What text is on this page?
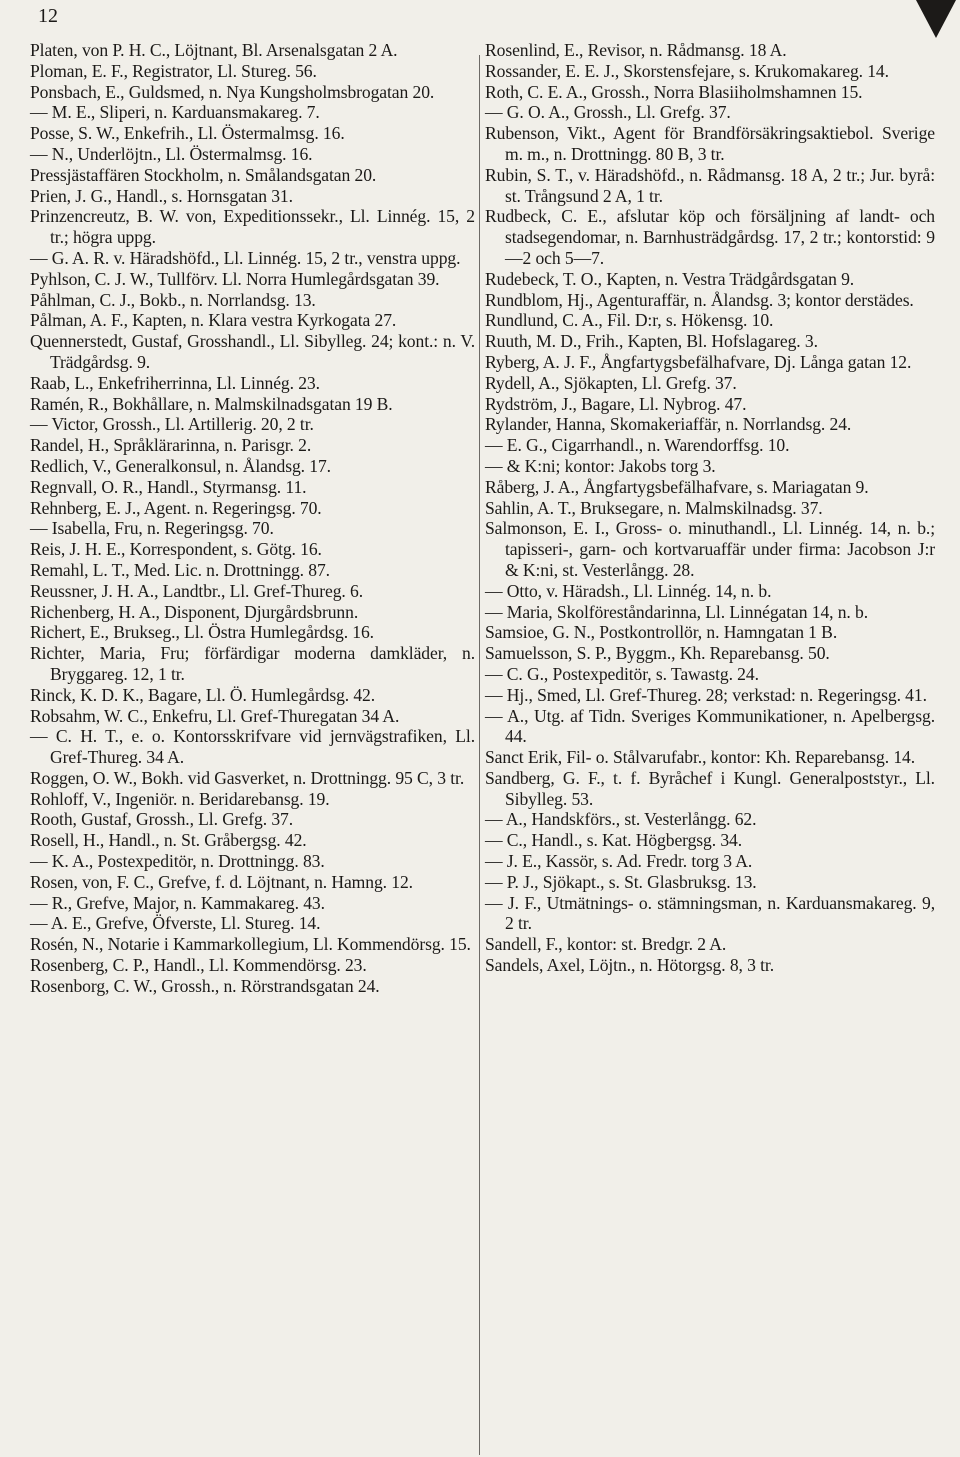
12

Platen, von P. H. C., Löjtnant, Bl. Arsenalsgatan 2 A.

Ploman, E. F., Registrator, Ll. Stureg. 56.

Ponsbach, E., Guldsmed, n. Nya Kungsholmsbrogatan 20.

— M. E., Sliperi, n. Karduansmakareg. 7.

Posse, S. W., Enkefrih., Ll. Östermalmsg. 16.

— N., Underlöjtn., Ll. Östermalmsg. 16.

Pressjästaffären Stockholm, n. Smålandsgatan 20.

Prien, J. G., Handl., s. Hornsgatan 31.

Prinzencreutz, B. W. von, Expeditionssekr., Ll. Linnég. 15, 2 tr.; högra uppg.

— G. A. R. v. Häradshöfd., Ll. Linnég. 15, 2 tr., venstra uppg.

Pyhlson, C. J. W., Tullförv. Ll. Norra Humlegårdsgatan 39.

Påhlman, C. J., Bokb., n. Norrlandsg. 13.

Pålman, A. F., Kapten, n. Klara vestra Kyrkogata 27.

Quennerstedt, Gustaf, Grosshandl., Ll. Sibylleg. 24; kont.: n. V. Trädgårdsg. 9.

Raab, L., Enkefriherrinna, Ll. Linnég. 23.

Ramén, R., Bokhållare, n. Malmskilnadsgatan 19 B.

— Victor, Grossh., Ll. Artillerig. 20, 2 tr.

Randel, H., Språklärarinna, n. Parisgr. 2.

Redlich, V., Generalkonsul, n. Ålandsg. 17.

Regnvall, O. R., Handl., Styrmansg. 11.

Rehnberg, E. J., Agent. n. Regeringsg. 70.

— Isabella, Fru, n. Regeringsg. 70.

Reis, J. H. E., Korrespondent, s. Götg. 16.

Remahl, L. T., Med. Lic. n. Drottningg. 87.

Reussner, J. H. A., Landtbr., Ll. Gref-Thureg. 6.

Richenberg, H. A., Disponent, Djurgårdsbrunn.

Richert, E., Brukseg., Ll. Östra Humlegårdsg. 16.

Richter, Maria, Fru; förfärdigar moderna damkläder, n. Bryggareg. 12, 1 tr.

Rinck, K. D. K., Bagare, Ll. Ö. Humlegårdsg. 42.

Robsahm, W. C., Enkefru, Ll. Gref-Thuregatan 34 A.

— C. H. T., e. o. Kontorsskrifvare vid jernvägstrafiken, Ll. Gref-Thureg. 34 A.

Roggen, O. W., Bokh. vid Gasverket, n. Drottningg. 95 C, 3 tr.

Rohloff, V., Ingeniör. n. Beridarebansg. 19.

Rooth, Gustaf, Grossh., Ll. Grefg. 37.

Rosell, H., Handl., n. St. Gråbergsg. 42.

— K. A., Postexpeditör, n. Drottningg. 83.

Rosen, von, F. C., Grefve, f. d. Löjtnant, n. Hamng. 12.

— R., Grefve, Major, n. Kammakareg. 43.

— A. E., Grefve, Öfverste, Ll. Stureg. 14.

Rosén, N., Notarie i Kammarkollegium, Ll. Kommendörsg. 15.

Rosenberg, C. P., Handl., Ll. Kommendörsg. 23.

Rosenborg, C. W., Grossh., n. Rörstrandsgatan 24.

Rosenlind, E., Revisor, n. Rådmansg. 18 A.

Rossander, E. E. J., Skorstensfejare, s. Krukomakareg. 14.

Roth, C. E. A., Grossh., Norra Blasiiholmshamnen 15.

— G. O. A., Grossh., Ll. Grefg. 37.

Rubenson, Vikt., Agent för Brandförsäkringsaktiebol. Sverige m. m., n. Drottningg. 80 B, 3 tr.

Rubin, S. T., v. Häradshöfd., n. Rådmansg. 18 A, 2 tr.; Jur. byrå: st. Trångsund 2 A, 1 tr.

Rudbeck, C. E., afslutar köp och försäljning af landt- och stadsegendomar, n. Barnhusträdgårdsg. 17, 2 tr.; kontorstid: 9—2 och 5—7.

Rudebeck, T. O., Kapten, n. Vestra Trädgårdsgatan 9.

Rundblom, Hj., Agenturaffär, n. Ålandsg. 3; kontor derstädes.

Rundlund, C. A., Fil. D:r, s. Hökensg. 10.

Ruuth, M. D., Frih., Kapten, Bl. Hofslagareg. 3.

Ryberg, A. J. F., Ångfartygsbefälhafvare, Dj. Långa gatan 12.

Rydell, A., Sjökapten, Ll. Grefg. 37.

Rydström, J., Bagare, Ll. Nybrog. 47.

Rylander, Hanna, Skomakeriaffär, n. Norrlandsg. 24.

— E. G., Cigarrhandl., n. Warendorffsg. 10.

— & K:ni; kontor: Jakobs torg 3.

Råberg, J. A., Ångfartygsbefälhafvare, s. Mariagatan 9.

Sahlin, A. T., Bruksegare, n. Malmskilnadsg. 37.

Salmonson, E. I., Gross- o. minuthandl., Ll. Linnég. 14, n. b.; tapisseri-, garn- och kortvaruaffär under firma: Jacobson J:r & K:ni, st. Vesterlångg. 28.

— Otto, v. Häradsh., Ll. Linnég. 14, n. b.

— Maria, Skolföreståndarinna, Ll. Linnégatan 14, n. b.

Samsioe, G. N., Postkontrollör, n. Hamngatan 1 B.

Samuelsson, S. P., Byggm., Kh. Reparebansg. 50.

— C. G., Postexpeditör, s. Tawastg. 24.

— Hj., Smed, Ll. Gref-Thureg. 28; verkstad: n. Regeringsg. 41.

— A., Utg. af Tidn. Sveriges Kommunikationer, n. Apelbergsg. 44.

Sanct Erik, Fil- o. Stålvarufabr., kontor: Kh. Reparebansg. 14.

Sandberg, G. F., t. f. Byråchef i Kungl. Generalpoststyr., Ll. Sibylleg. 53.

— A., Handskförs., st. Vesterlångg. 62.

— C., Handl., s. Kat. Högbergsg. 34.

— J. E., Kassör, s. Ad. Fredr. torg 3 A.

— P. J., Sjökapt., s. St. Glasbruksg. 13.

— J. F., Utmätnings- o. stämningsman, n. Karduansmakareg. 9, 2 tr.

Sandell, F., kontor: st. Bredgr. 2 A.

Sandels, Axel, Löjtn., n. Hötorgsg. 8, 3 tr.
